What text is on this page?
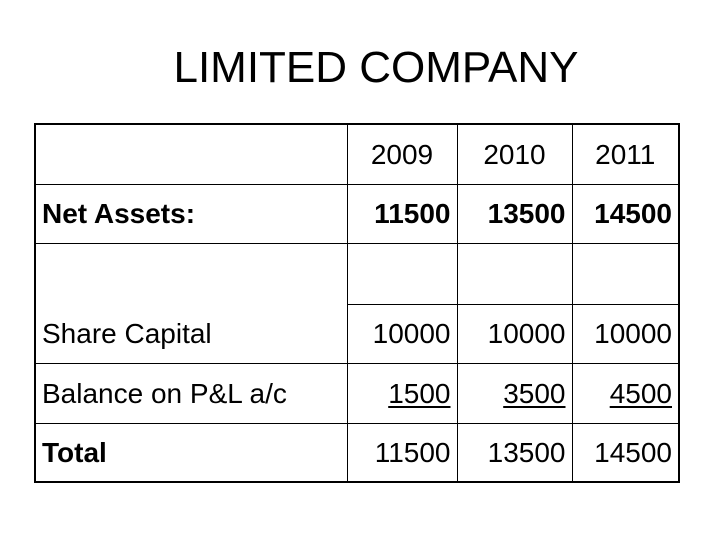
LIMITED COMPANY
	2009	2010	2011
Net Assets:	11500	13500	14500

Share Capital	10000	10000	10000
Balance on P&L a/c	1500	3500	4500
Total	11500	13500	14500
